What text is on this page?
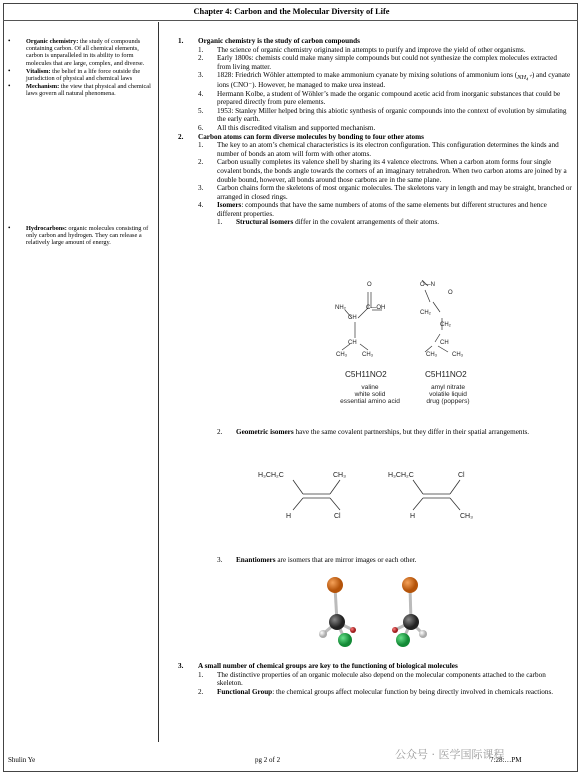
Chapter 4: Carbon and the Molecular Diversity of Life
• Organic chemistry: the study of compounds containing carbon. Of all chemical elements, carbon is unparalleled in its ability to form molecules that are large, complex, and diverse.
• Vitalism: the belief in a life force outside the jurisdiction of physical and chemical laws
• Mechanism: the view that physical and chemical laws govern all natural phenomena.
• Hydrocarbons: organic molecules consisting of only carbon and hydrogen. They can release a relatively large amount of energy.
1. Organic chemistry is the study of carbon compounds
1. The science of organic chemistry originated in attempts to purify and improve the yield of other organisms.
2. Early 1800s: chemists could make many simple compounds but could not synthesize the complex molecules extracted from living matter.
3. 1828: Friedrich Wöhler attempted to make ammonium cyanate by mixing solutions of ammonium ions (NH₄⁺) and cyanate ions (CNO⁻). However, he managed to make urea instead.
4. Hermann Kolbe, a student of Wöhler’s made the organic compound acetic acid from inorganic substances that could be prepared directly from pure elements.
5. 1953: Stanley Miller helped bring this abiotic synthesis of organic compounds into the context of evolution by simulating the early earth.
6. All this discredited vitalism and supported mechanism.
2. Carbon atoms can form diverse molecules by bonding to four other atoms
1. The key to an atom’s chemical characteristics is its electron configuration. This configuration determines the kinds and number of bonds an atom will form with other atoms.
2. Carbon usually completes its valence shell by sharing its 4 valence electrons. When a carbon atom forms four single covalent bonds, the bonds angle towards the corners of an imaginary tetrahedron. When two carbon atoms are joined by a double bound, however, all bonds around those carbons are in the same plane.
3. Carbon chains form the skeletons of most organic molecules. The skeletons vary in length and may be straight, branched or arranged in closed rings.
4. Isomers: compounds that have the same numbers of atoms of the same elements but different structures and hence different properties.
1. Structural isomers differ in the covalent arrangements of their atoms.
O
NH₂	C—OH
CH
CH
CH₃ CH₃
O—N
O
CH₂
CH₂
CH
CH₃ CH₃
C5H11NO2
valine
white solid
essential amino acid
C5H11NO2
amyl nitrate
volatile liquid
drug (poppers)
2. Geometric isomers have the same covalent partnerships, but they differ in their spatial arrangements.
H₃CH₂C	CH₃
H	Cl
H₃CH₂C	Cl
H	CH₃
3. Enantiomers are isomers that are mirror images or each other.
3. A small number of chemical groups are key to the functioning of biological molecules
1. The distinctive properties of an organic molecule also depend on the molecular components attached to the carbon skeleton.
2. Functional Group: the chemical groups affect molecular function by being directly involved in chemicals reactions.
Shulin Ye	pg 2 of 2	7:28:…PM
公众号 · 医学国际课程
